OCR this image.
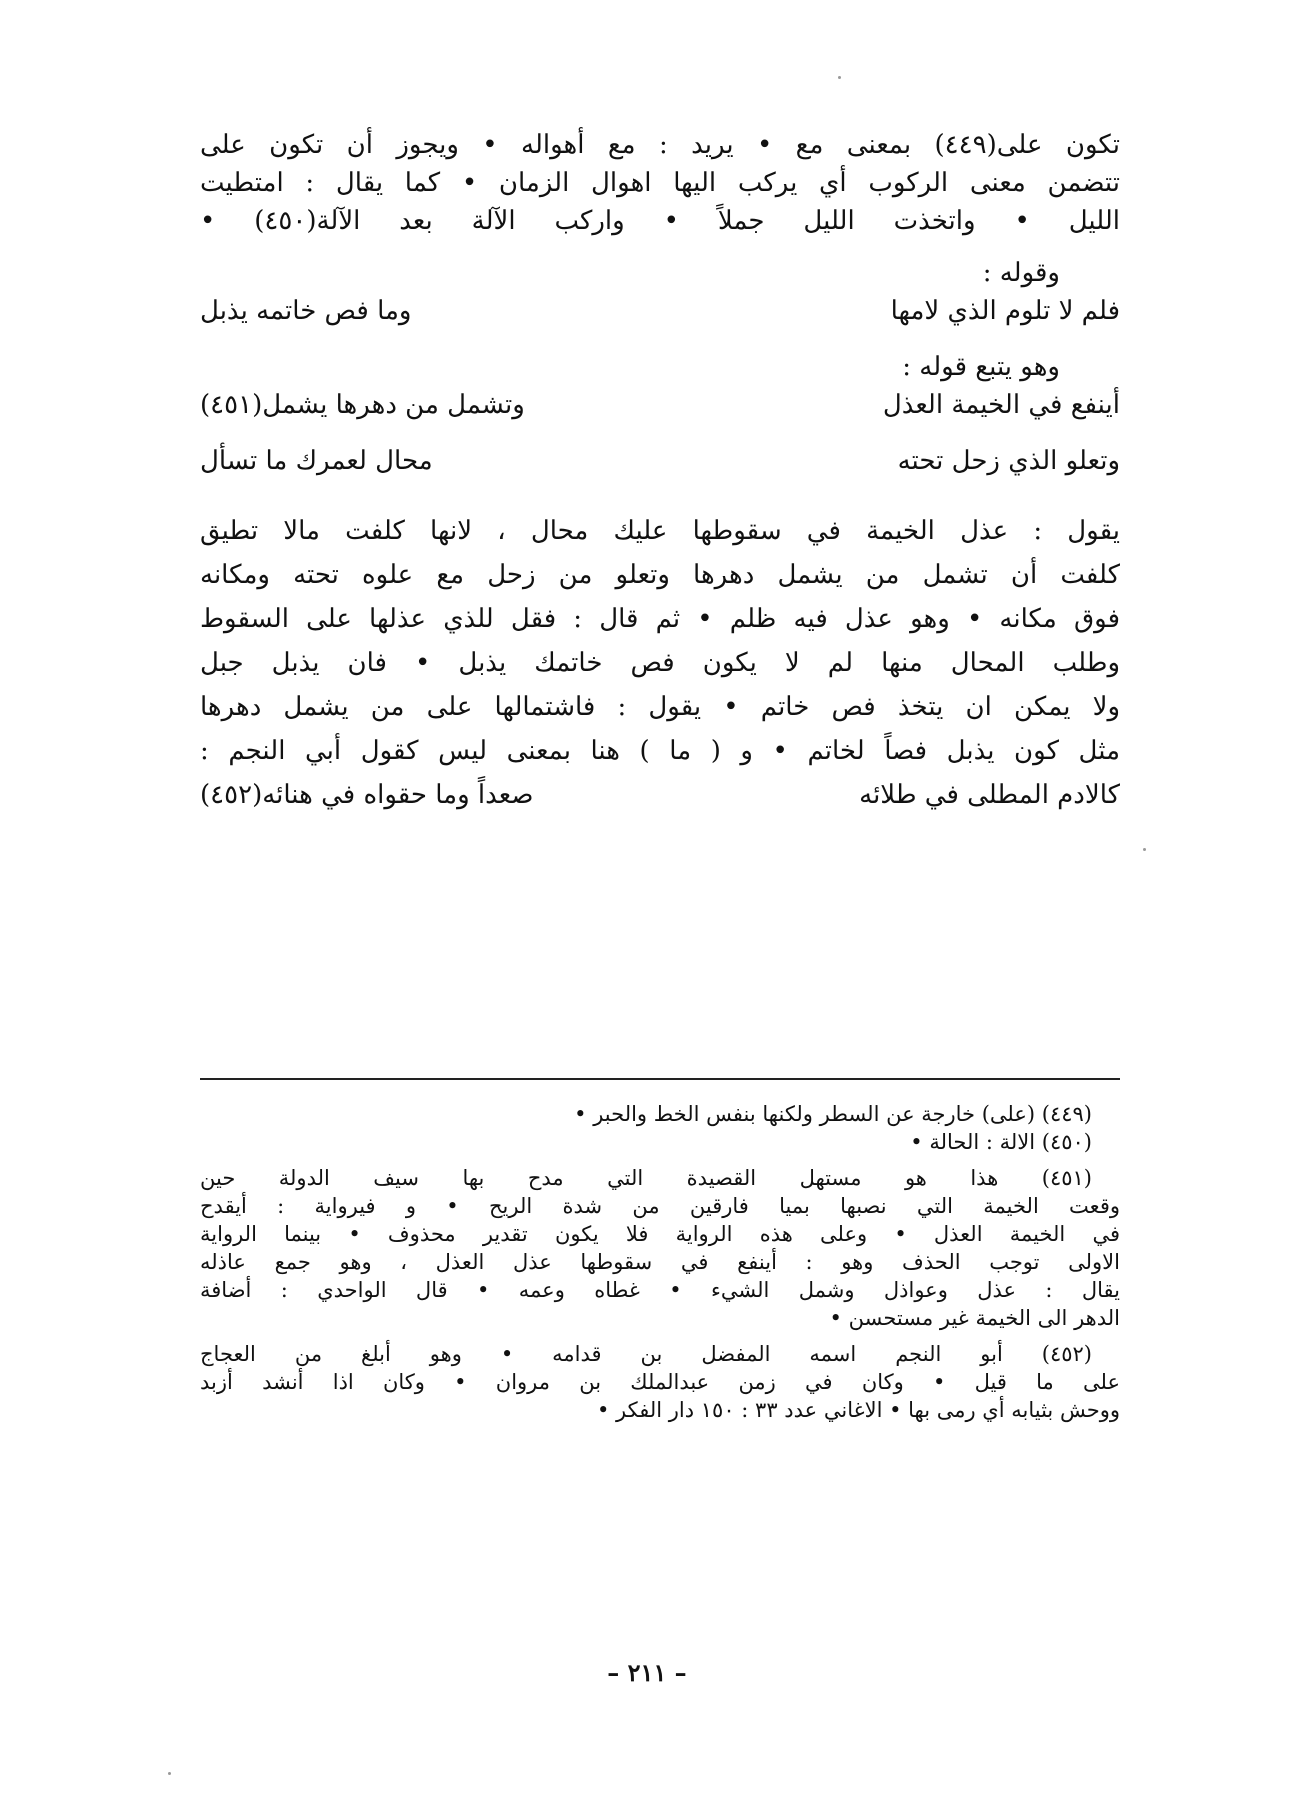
تكون على(٤٤٩) بمعنى مع • يريد : مع أهواله • ويجوز أن تكون على
تتضمن معنى الركوب أي يركب اليها اهوال الزمان • كما يقال : امتطيت
الليل • واتخذت الليل جملاً • واركب الآلة بعد الآلة(٤٥٠) •
وقوله :
فلم لا تلوم الذي لامها
وما فص خاتمه يذبل
وهو يتبع قوله :
أينفع في الخيمة العذل
وتشمل من دهرها يشمل(٤٥١)
وتعلو الذي زحل تحته
محال لعمرك ما تسأل
يقول : عذل الخيمة في سقوطها عليك محال ، لانها كلفت مالا تطيق
كلفت أن تشمل من يشمل دهرها وتعلو من زحل مع علوه تحته ومكانه
فوق مكانه • وهو عذل فيه ظلم • ثم قال : فقل للذي عذلها على السقوط
وطلب المحال منها لم لا يكون فص خاتمك يذبل • فان يذبل جبل
ولا يمكن ان يتخذ فص خاتم • يقول : فاشتمالها على من يشمل دهرها
مثل كون يذبل فصاً لخاتم • و ( ما ) هنا بمعنى ليس كقول أبي النجم :
كالادم المطلى في طلائه
صعداً وما حقواه في هنائه(٤٥٢)
(٤٤٩) (على) خارجة عن السطر ولكنها بنفس الخط والحبر •
(٤٥٠) الالة : الحالة •
(٤٥١) هذا هو مستهل القصيدة التي مدح بها سيف الدولة حين
وقعت الخيمة التي نصبها بميا فارقين من شدة الريح • و فيرواية : أيقدح
في الخيمة العذل • وعلى هذه الرواية فلا يكون تقدير محذوف • بينما الرواية
الاولى توجب الحذف وهو : أينفع في سقوطها عذل العذل ، وهو جمع عاذله
يقال : عذل وعواذل وشمل الشيء • غطاه وعمه • قال الواحدي : أضافة
الدهر الى الخيمة غير مستحسن •
(٤٥٢) أبو النجم اسمه المفضل بن قدامه • وهو أبلغ من العجاج
على ما قيل • وكان في زمن عبدالملك بن مروان • وكان اذا أنشد أزبد
ووحش بثيابه أي رمى بها • الاغاني عدد ٣٣ : ١٥٠ دار الفكر •
– ٢١١ –
